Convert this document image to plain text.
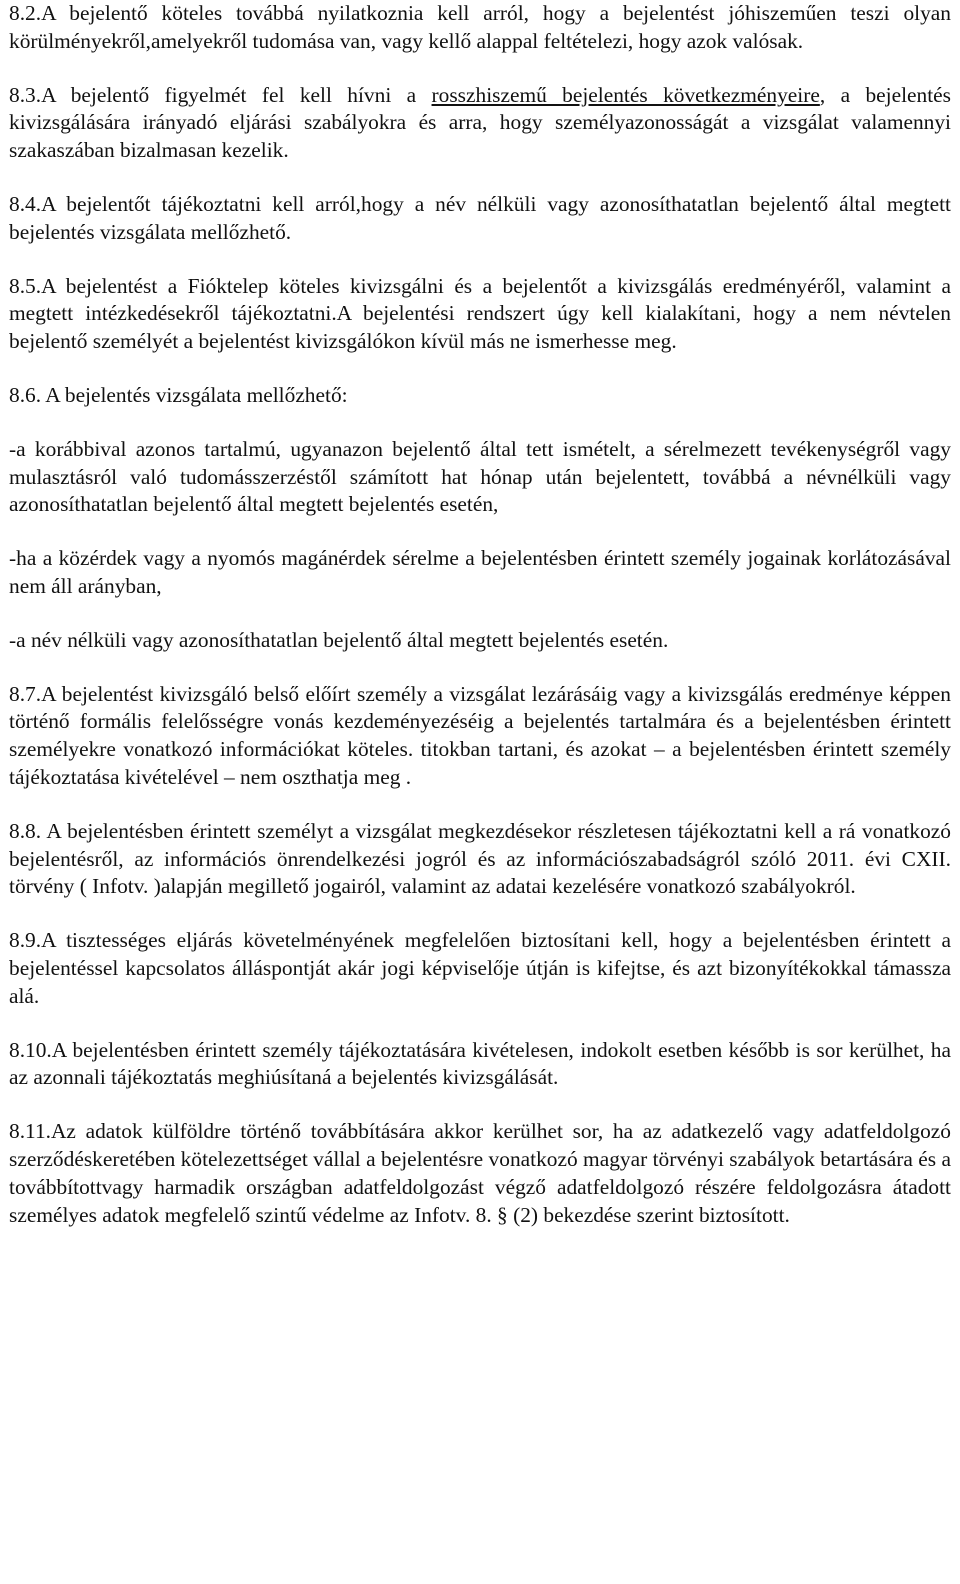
8.2.A bejelentő köteles továbbá nyilatkoznia kell arról, hogy a bejelentést jóhiszeműen teszi olyan körülményekről,amelyekről tudomása van, vagy kellő alappal feltételezi, hogy azok valósak.

8.3.A bejelentő figyelmét fel kell hívni a rosszhiszemű bejelentés következményeire, a bejelentés kivizsgálására irányadó eljárási szabályokra és arra, hogy személyazonosságát a vizsgálat valamennyi szakaszában bizalmasan kezelik.

8.4.A bejelentőt tájékoztatni kell arról,hogy a név nélküli vagy azonosíthatatlan bejelentő által megtett bejelentés vizsgálata mellőzhető.

8.5.A bejelentést a Fióktelep köteles kivizsgálni és a bejelentőt a kivizsgálás eredményéről, valamint a megtett intézkedésekről tájékoztatni.A bejelentési rendszert úgy kell kialakítani, hogy a nem névtelen bejelentő személyét a bejelentést kivizsgálókon kívül más ne ismerhesse meg.

8.6. A bejelentés vizsgálata mellőzhető:

-a korábbival azonos tartalmú, ugyanazon bejelentő által tett ismételt, a sérelmezett tevékenységről vagy mulasztásról való tudomásszerzéstől számított hat hónap után bejelentett, továbbá a névnélküli vagy azonosíthatatlan bejelentő által megtett bejelentés esetén,

-ha a közérdek vagy a nyomós magánérdek sérelme a bejelentésben érintett személy jogainak korlátozásával nem áll arányban,

-a név nélküli vagy azonosíthatatlan bejelentő által megtett bejelentés esetén.

8.7.A bejelentést kivizsgáló belső előírt személy a vizsgálat lezárásáig vagy a kivizsgálás eredménye képpen történő formális felelősségre vonás kezdeményezéséig a bejelentés tartalmára és a bejelentésben érintett személyekre vonatkozó információkat köteles. titokban tartani, és azokat – a bejelentésben érintett személy tájékoztatása kivételével – nem oszthatja meg .

8.8. A bejelentésben érintett személyt a vizsgálat megkezdésekor részletesen tájékoztatni kell a rá vonatkozó bejelentésről, az információs önrendelkezési jogról és az információszabadságról szóló 2011. évi CXII. törvény ( Infotv. )alapján megillető jogairól, valamint az adatai kezelésére vonatkozó szabályokról.

8.9.A tisztességes eljárás követelményének megfelelően biztosítani kell, hogy a bejelentésben érintett a bejelentéssel kapcsolatos álláspontját akár jogi képviselője útján is kifejtse, és azt bizonyítékokkal támassza alá.

8.10.A bejelentésben érintett személy tájékoztatására kivételesen, indokolt esetben később is sor kerülhet, ha az azonnali tájékoztatás meghiúsítaná a bejelentés kivizsgálását.

8.11.Az adatok külföldre történő továbbítására akkor kerülhet sor, ha az adatkezelő vagy adatfeldolgozó szerződéskeretében kötelezettséget vállal a bejelentésre vonatkozó magyar törvényi szabályok betartására és a továbbítottvagy harmadik országban adatfeldolgozást végző adatfeldolgozó részére feldolgozásra átadott személyes adatok megfelelő szintű védelme az Infotv. 8. § (2) bekezdése szerint biztosított.
